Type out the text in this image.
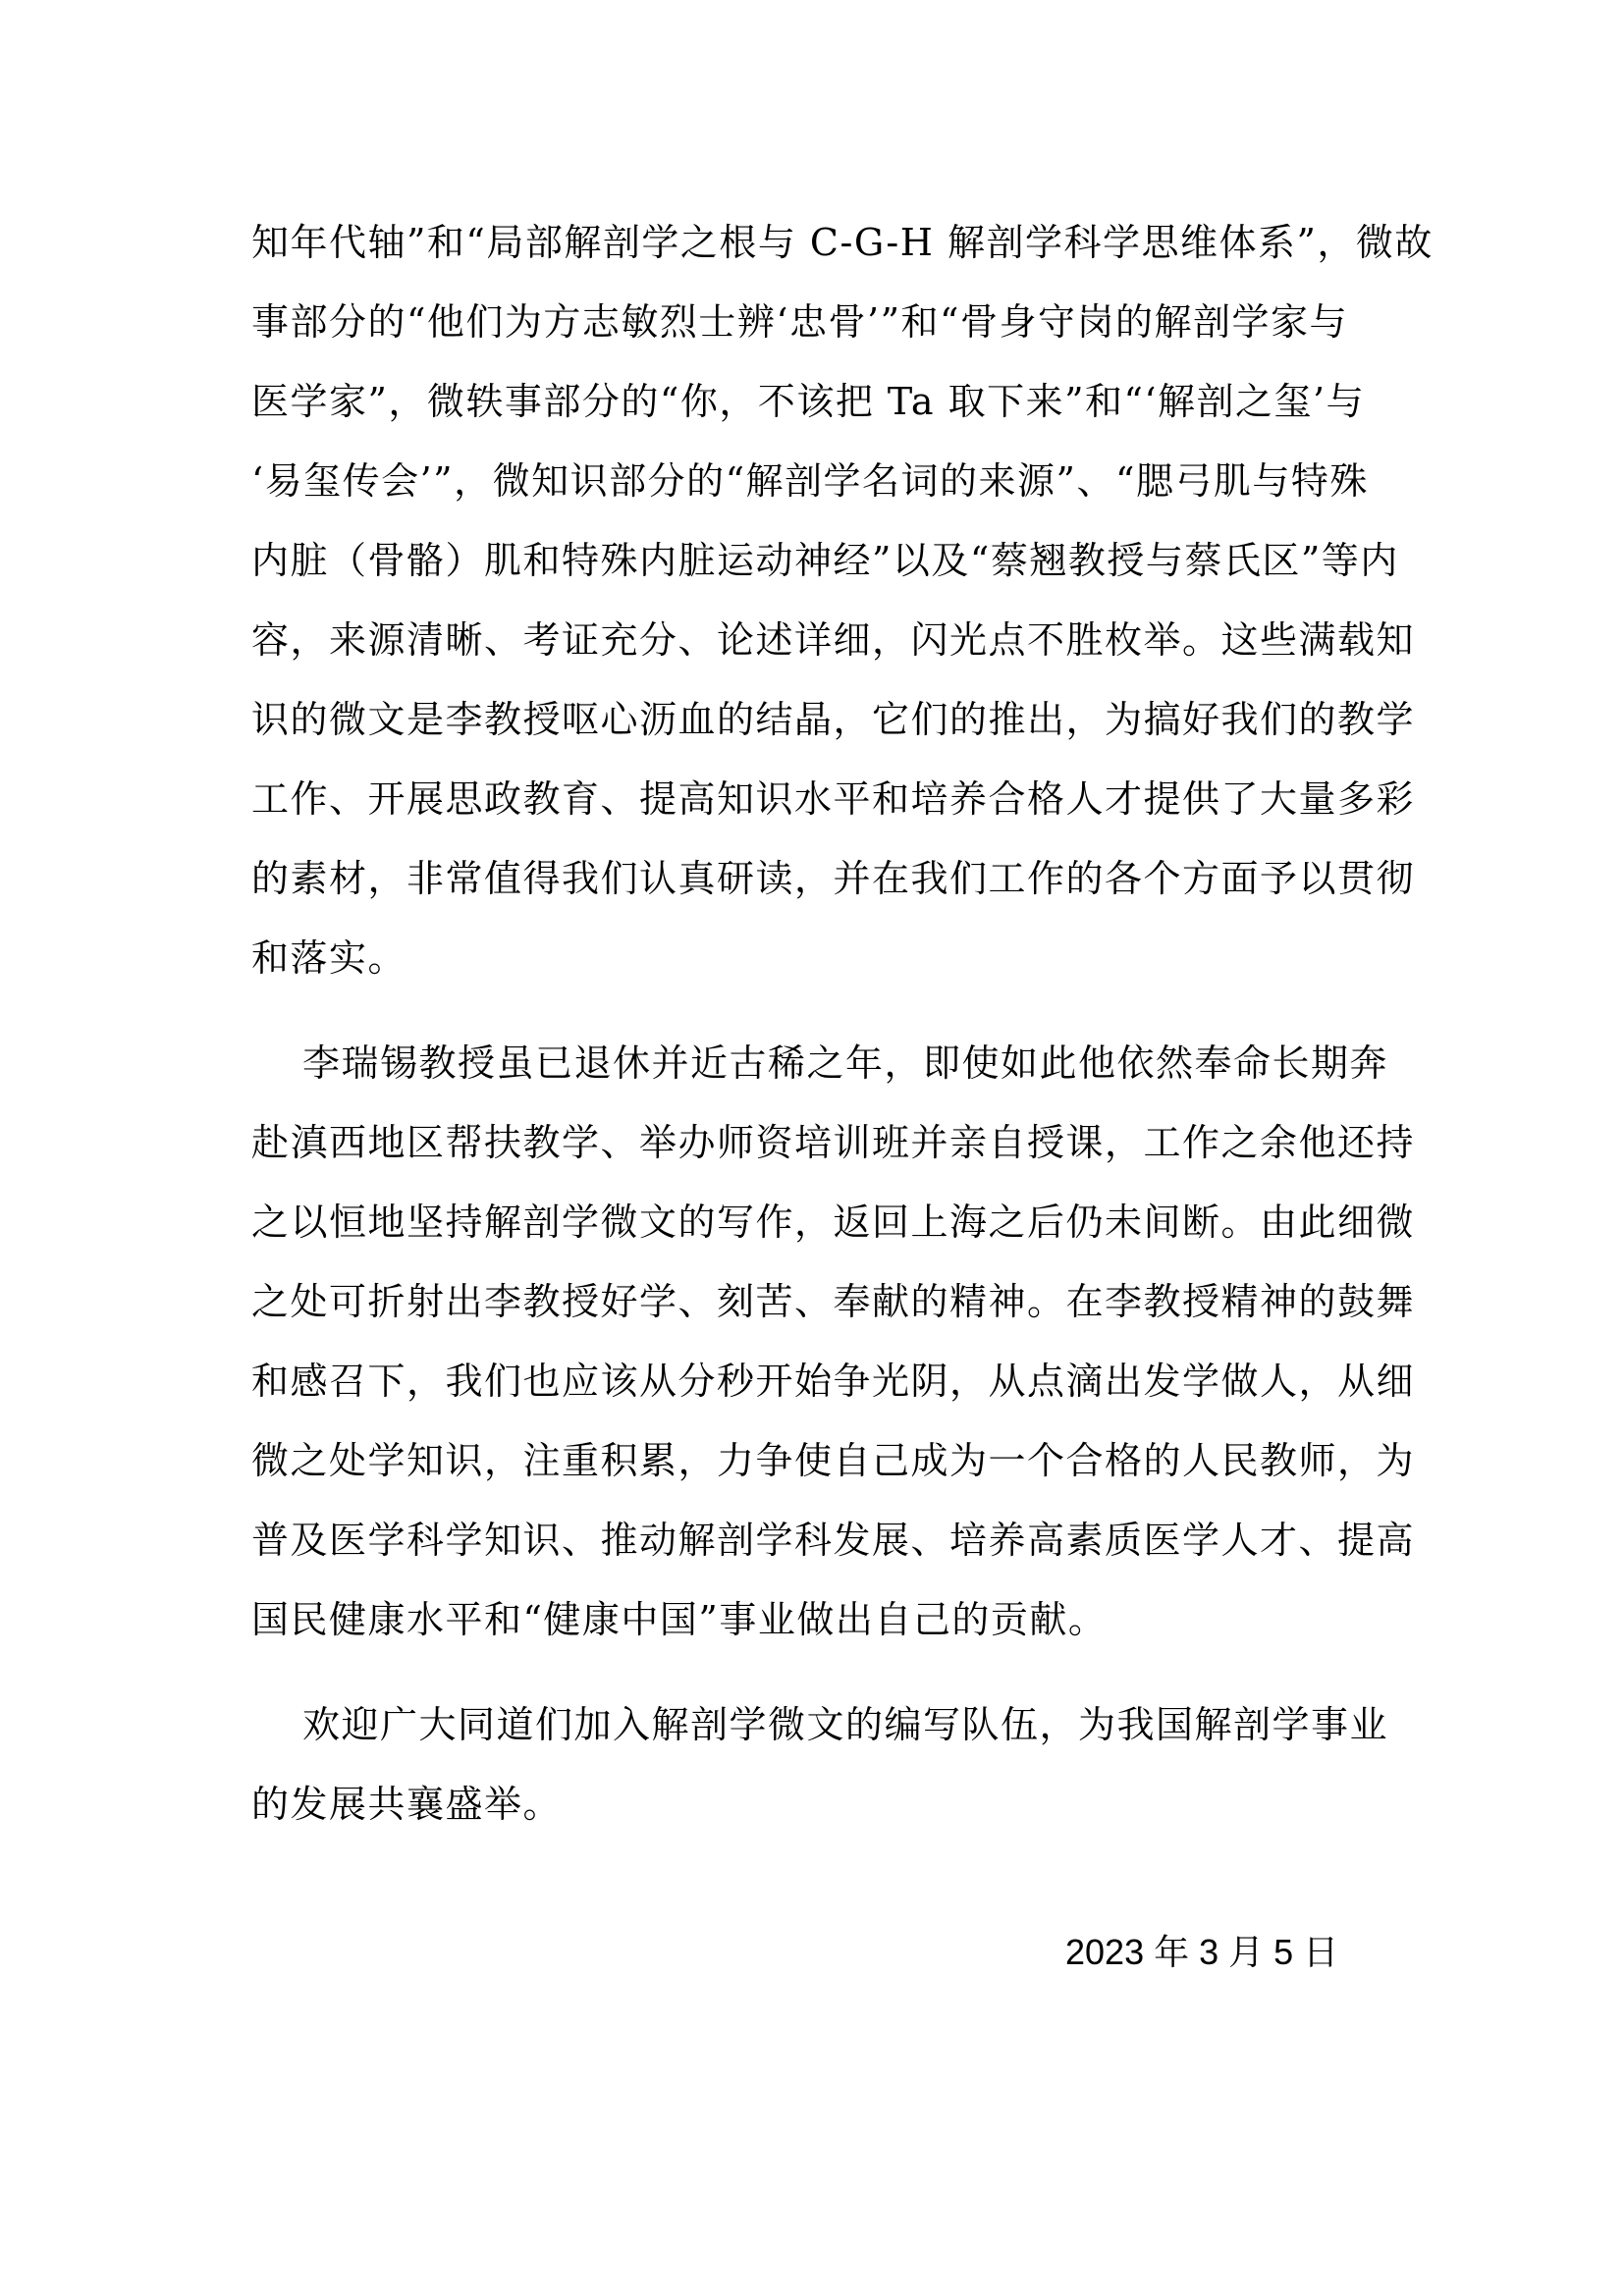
知年代轴”和“局部解剖学之根与 C-G-H 解剖学科学思维体系”，微故
事部分的“他们为方志敏烈士辨‘忠骨’”和“骨身守岗的解剖学家与
医学家”，微轶事部分的“你，不该把 Ta 取下来”和“‘解剖之玺’与
‘易玺传会’”，微知识部分的“解剖学名词的来源”、“腮弓肌与特殊
内脏（骨骼）肌和特殊内脏运动神经”以及“蔡翘教授与蔡氏区”等内
容，来源清晰、考证充分、论述详细，闪光点不胜枚举。这些满载知
识的微文是李教授呕心沥血的结晶，它们的推出，为搞好我们的教学
工作、开展思政教育、提高知识水平和培养合格人才提供了大量多彩
的素材，非常值得我们认真研读，并在我们工作的各个方面予以贯彻
和落实。
李瑞锡教授虽已退休并近古稀之年，即使如此他依然奉命长期奔
赴滇西地区帮扶教学、举办师资培训班并亲自授课，工作之余他还持
之以恒地坚持解剖学微文的写作，返回上海之后仍未间断。由此细微
之处可折射出李教授好学、刻苦、奉献的精神。在李教授精神的鼓舞
和感召下，我们也应该从分秒开始争光阴，从点滴出发学做人，从细
微之处学知识，注重积累，力争使自己成为一个合格的人民教师，为
普及医学科学知识、推动解剖学科发展、培养高素质医学人才、提高
国民健康水平和“健康中国”事业做出自己的贡献。
欢迎广大同道们加入解剖学微文的编写队伍，为我国解剖学事业
的发展共襄盛举。
2023 年 3 月 5 日
